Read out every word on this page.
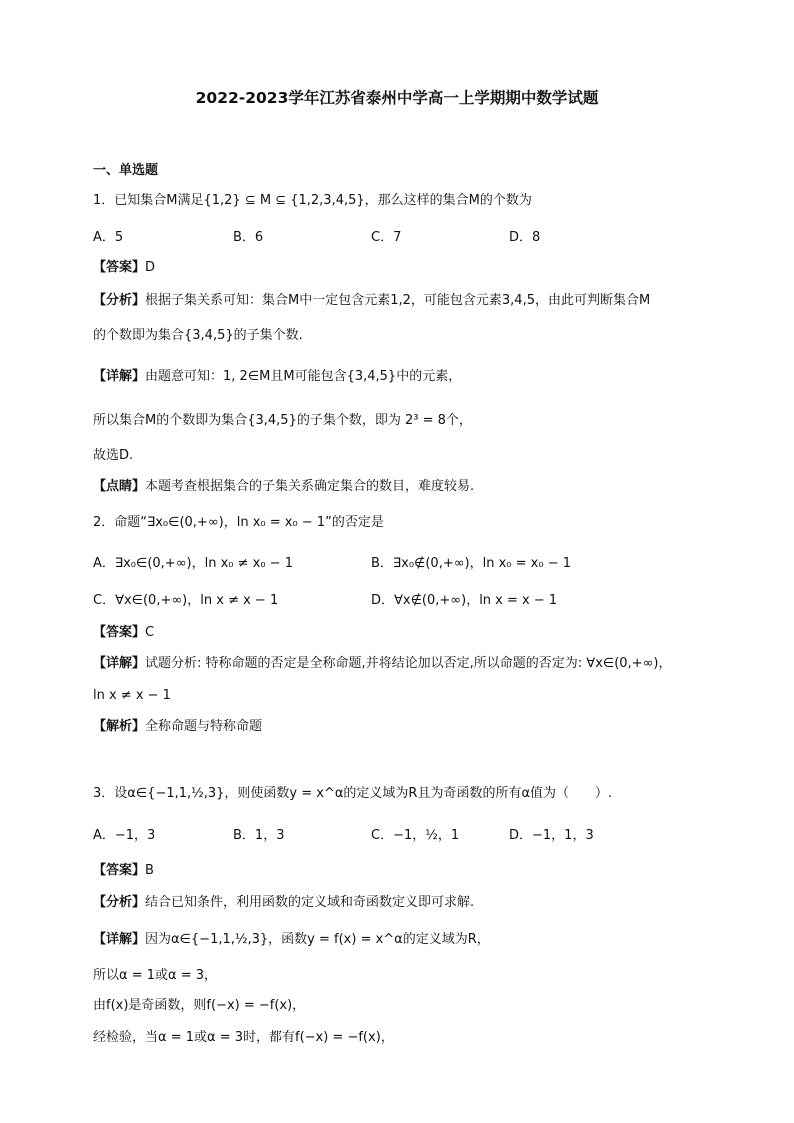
2022-2023学年江苏省泰州中学高一上学期期中数学试题
一、单选题
1．已知集合M满足{1,2} ⊆ M ⊆ {1,2,3,4,5}，那么这样的集合M的个数为
A．5	B．6	C．7	D．8
【答案】D
【分析】根据子集关系可知：集合M中一定包含元素1,2，可能包含元素3,4,5，由此可判断集合M
的个数即为集合{3,4,5}的子集个数.
【详解】由题意可知：1, 2∈M且M可能包含{3,4,5}中的元素，
所以集合M的个数即为集合{3,4,5}的子集个数，即为 2³ = 8个，
故选D.
【点睛】本题考查根据集合的子集关系确定集合的数目，难度较易.
2．命题“∃x₀∈(0,+∞)，ln x₀ = x₀ − 1”的否定是
A．∃x₀∈(0,+∞)，ln x₀ ≠ x₀ − 1	B．∃x₀∉(0,+∞)，ln x₀ = x₀ − 1
C．∀x∈(0,+∞)，ln x ≠ x − 1	D．∀x∉(0,+∞)，ln x = x − 1
【答案】C
【详解】试题分析: 特称命题的否定是全称命题,并将结论加以否定,所以命题的否定为: ∀x∈(0,+∞)，
ln x ≠ x − 1
【解析】全称命题与特称命题
3．设α∈{−1,1,½,3}，则使函数y = x^α的定义域为R且为奇函数的所有α值为（　　）.
A．−1，3	B．1，3	C．−1，½，1	D．−1，1，3
【答案】B
【分析】结合已知条件，利用函数的定义域和奇函数定义即可求解.
【详解】因为α∈{−1,1,½,3}，函数y = f(x) = x^α的定义域为R，
所以α = 1或α = 3，
由f(x)是奇函数，则f(−x) = −f(x)，
经检验，当α = 1或α = 3时，都有f(−x) = −f(x)，
